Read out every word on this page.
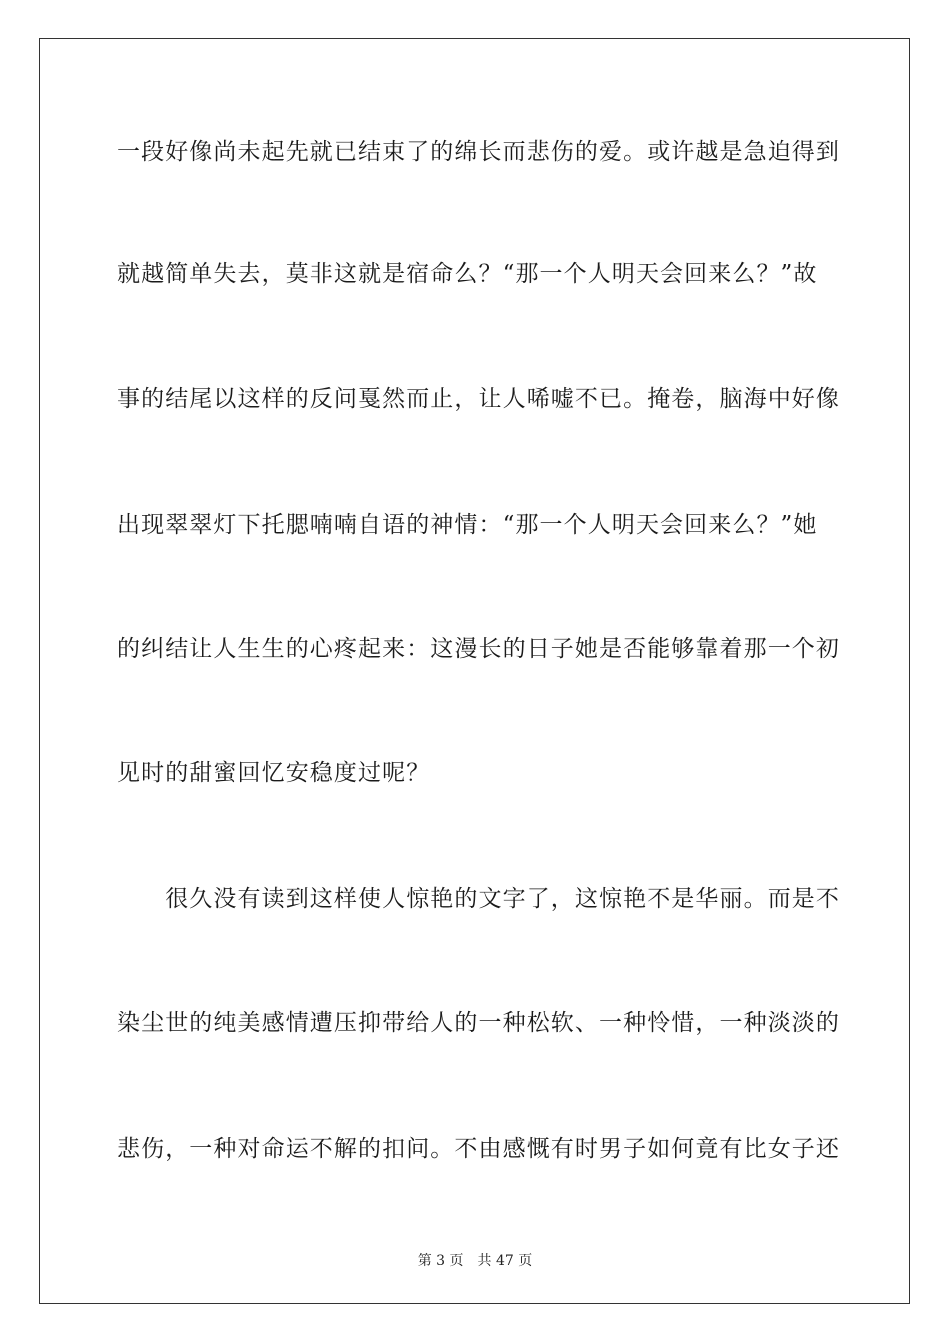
一段好像尚未起先就已结束了的绵长而悲伤的爱。或许越是急迫得到
就越简单失去，莫非这就是宿命么？“那一个人明天会回来么？”故
事的结尾以这样的反问戛然而止，让人唏嘘不已。掩卷，脑海中好像
出现翠翠灯下托腮喃喃自语的神情：“那一个人明天会回来么？”她
的纠结让人生生的心疼起来：这漫长的日子她是否能够靠着那一个初
见时的甜蜜回忆安稳度过呢？
　　很久没有读到这样使人惊艳的文字了，这惊艳不是华丽。而是不
染尘世的纯美感情遭压抑带给人的一种松软、一种怜惜，一种淡淡的
悲伤，一种对命运不解的扣问。不由感慨有时男子如何竟有比女子还
第 3 页 共 47 页
